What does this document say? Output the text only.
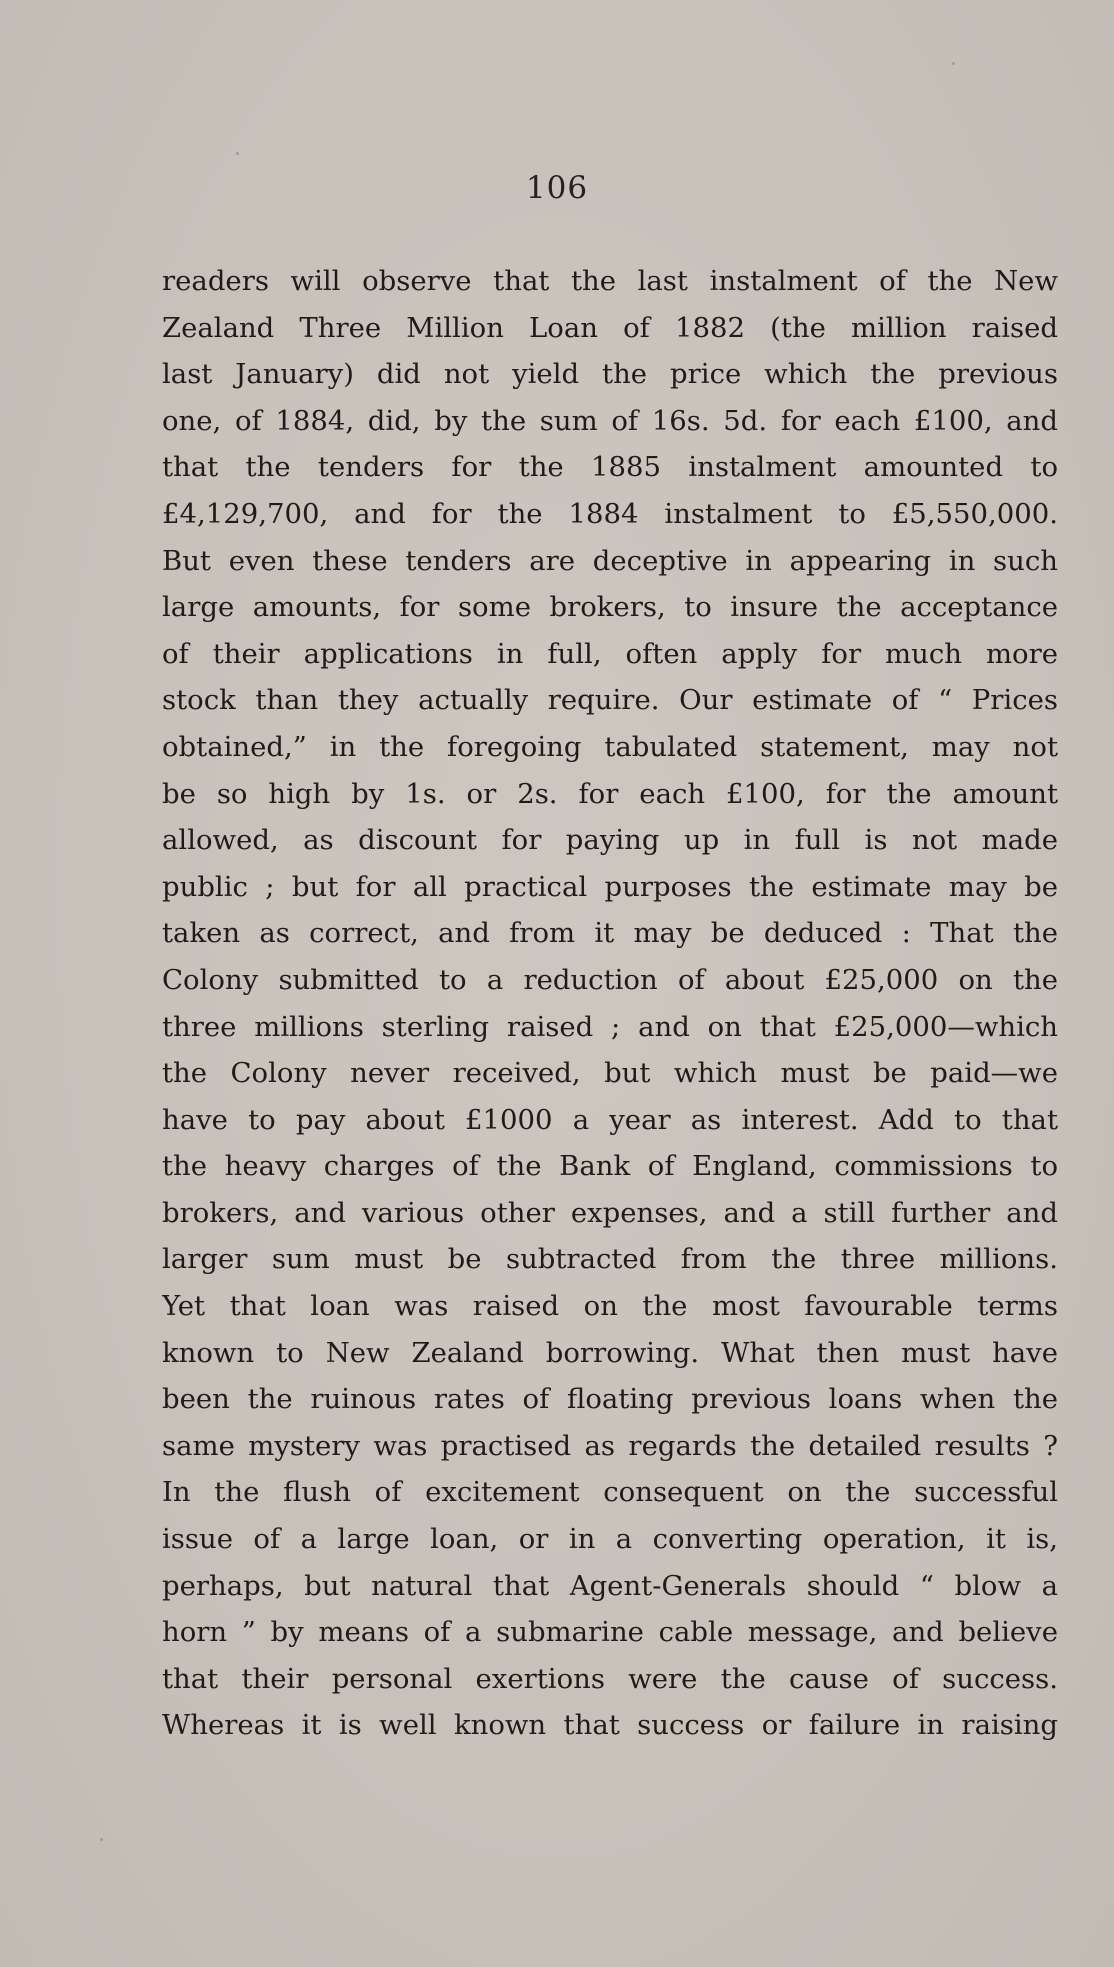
106
readers will observe that the last instalment of the New
Zealand Three Million Loan of 1882 (the million raised
last January) did not yield the price which the previous
one, of 1884, did, by the sum of 16s. 5d. for each £100, and
that the tenders for the 1885 instalment amounted to
£4,129,700, and for the 1884 instalment to £5,550,000.
But even these tenders are deceptive in appearing in such
large amounts, for some brokers, to insure the acceptance
of their applications in full, often apply for much more
stock than they actually require. Our estimate of “ Prices
obtained,” in the foregoing tabulated statement, may not
be so high by 1s. or 2s. for each £100, for the amount
allowed, as discount for paying up in full is not made
public ; but for all practical purposes the estimate may be
taken as correct, and from it may be deduced : That the
Colony submitted to a reduction of about £25,000 on the
three millions sterling raised ; and on that £25,000—which
the Colony never received, but which must be paid—we
have to pay about £1000 a year as interest. Add to that
the heavy charges of the Bank of England, commissions to
brokers, and various other expenses, and a still further and
larger sum must be subtracted from the three millions.
Yet that loan was raised on the most favourable terms
known to New Zealand borrowing. What then must have
been the ruinous rates of floating previous loans when the
same mystery was practised as regards the detailed results ?
In the flush of excitement consequent on the successful
issue of a large loan, or in a converting operation, it is,
perhaps, but natural that Agent-Generals should “ blow a
horn ” by means of a submarine cable message, and believe
that their personal exertions were the cause of success.
Whereas it is well known that success or failure in raising
